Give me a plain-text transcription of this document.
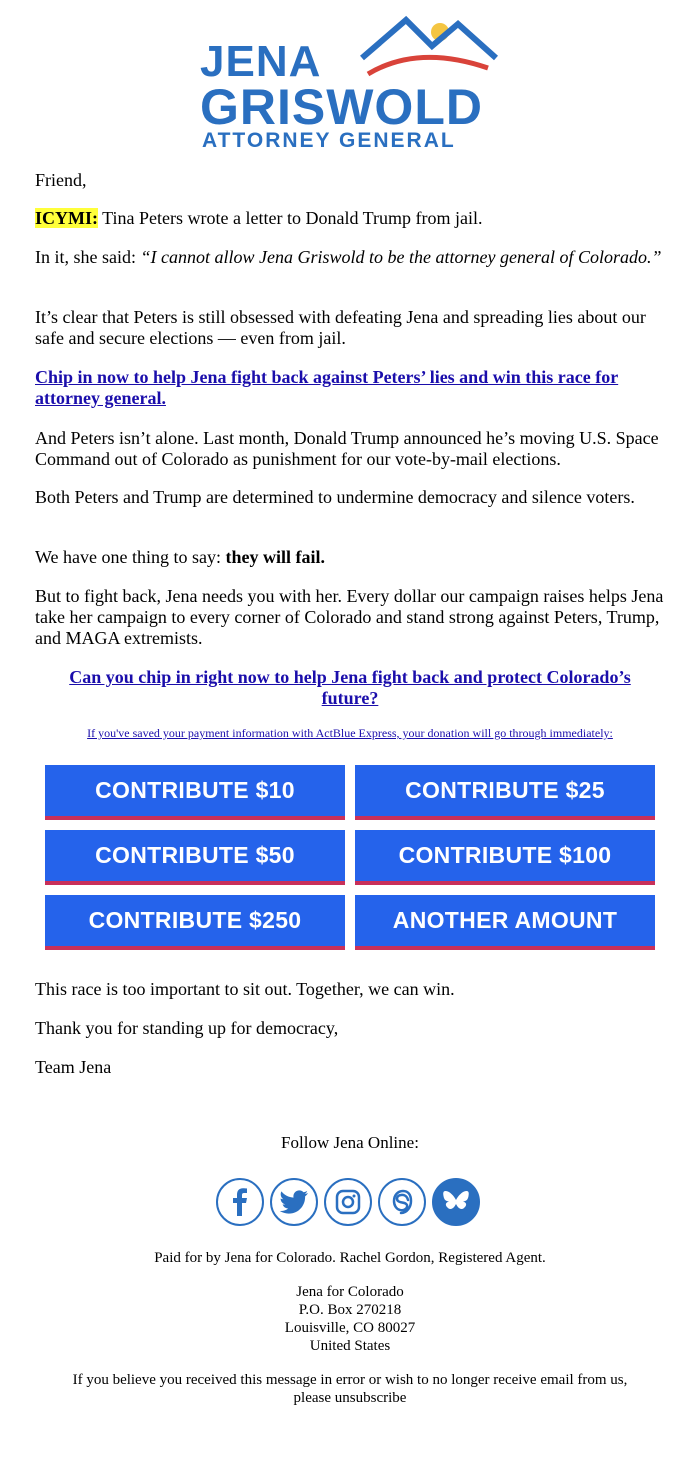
JENA

GRISWOLD

ATTORNEY GENERAL

Friend,

ICYMI: Tina Peters wrote a letter to Donald Trump from jail.

In it, she said: “I cannot allow Jena Griswold to be the attorney general of Colorado.”

It’s clear that Peters is still obsessed with defeating Jena and spreading lies about our safe and secure elections — even from jail.

Chip in now to help Jena fight back against Peters’ lies and win this race for attorney general.

And Peters isn’t alone. Last month, Donald Trump announced he’s moving U.S. Space Command out of Colorado as punishment for our vote-by-mail elections.

Both Peters and Trump are determined to undermine democracy and silence voters.

We have one thing to say: they will fail.

But to fight back, Jena needs you with her. Every dollar our campaign raises helps Jena take her campaign to every corner of Colorado and stand strong against Peters, Trump, and MAGA extremists.

Can you chip in right now to help Jena fight back and protect Colorado’s future?

If you've saved your payment information with ActBlue Express, your donation will go through immediately:

CONTRIBUTE $10	CONTRIBUTE $25
CONTRIBUTE $50	CONTRIBUTE $100
CONTRIBUTE $250	ANOTHER AMOUNT

This race is too important to sit out. Together, we can win.

Thank you for standing up for democracy,

Team Jena

Follow Jena Online:

Paid for by Jena for Colorado. Rachel Gordon, Registered Agent.

Jena for Colorado

P.O. Box 270218

Louisville, CO 80027

United States

If you believe you received this message in error or wish to no longer receive email from us,

please unsubscribe
